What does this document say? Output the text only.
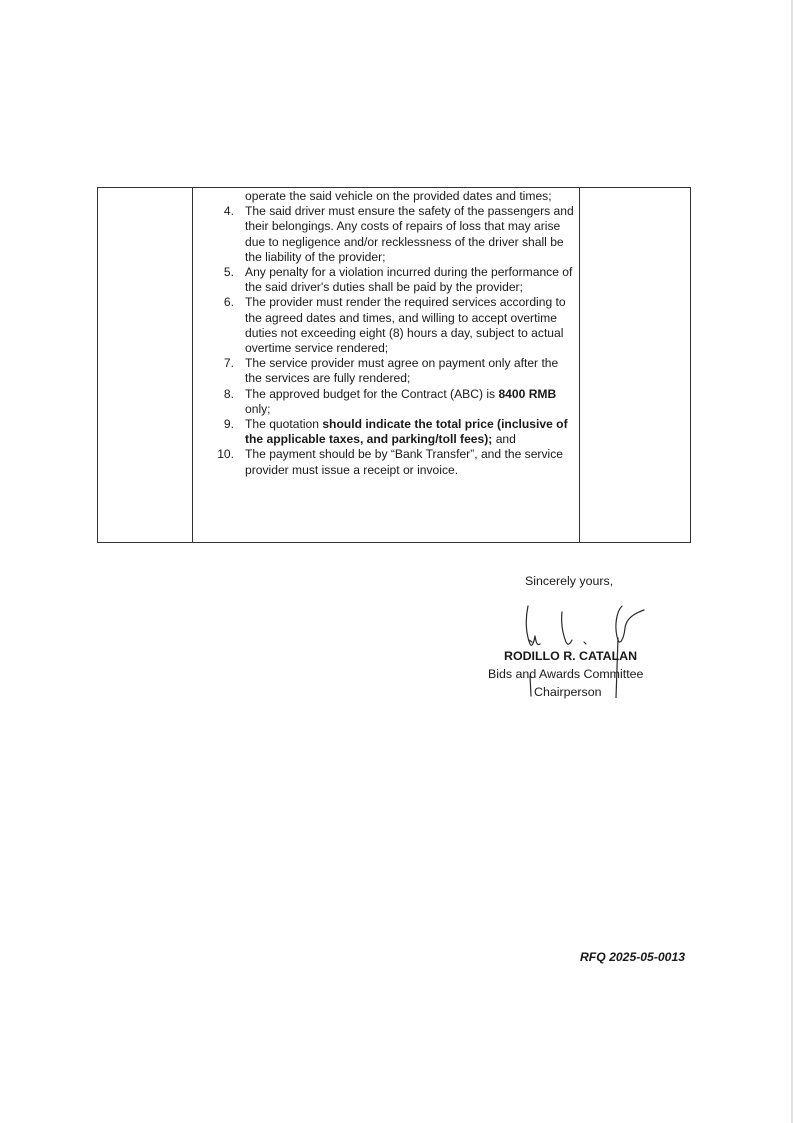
operate the said vehicle on the provided dates and times;
4. The said driver must ensure the safety of the passengers and their belongings. Any costs of repairs of loss that may arise due to negligence and/or recklessness of the driver shall be the liability of the provider;
5. Any penalty for a violation incurred during the performance of the said driver's duties shall be paid by the provider;
6. The provider must render the required services according to the agreed dates and times, and willing to accept overtime duties not exceeding eight (8) hours a day, subject to actual overtime service rendered;
7. The service provider must agree on payment only after the the services are fully rendered;
8. The approved budget for the Contract (ABC) is 8400 RMB only;
9. The quotation should indicate the total price (inclusive of the applicable taxes, and parking/toll fees); and
10. The payment should be by “Bank Transfer”, and the service provider must issue a receipt or invoice.
Sincerely yours,
RODILLO R. CATALAN
Bids and Awards Committee
Chairperson
RFQ 2025-05-0013
